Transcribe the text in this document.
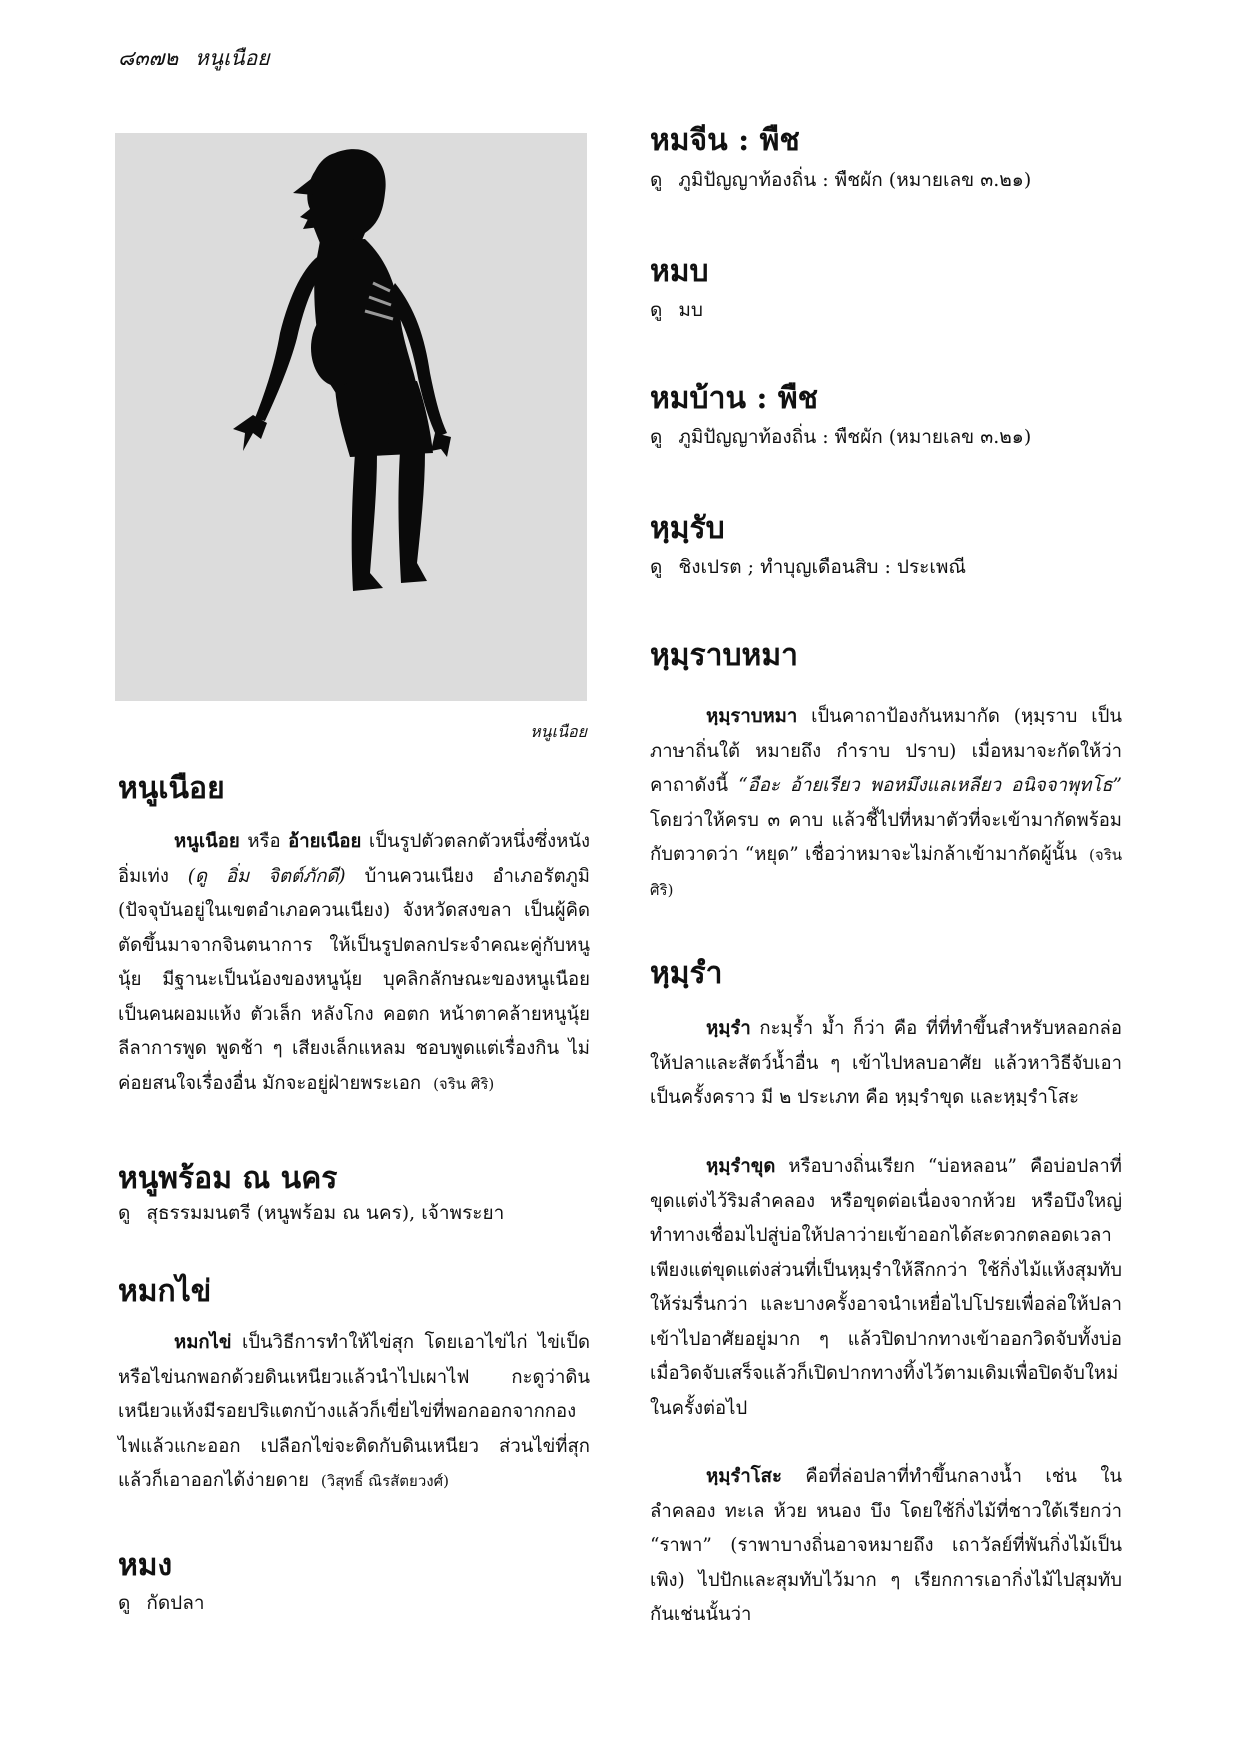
๘๓๗๒ หนูเนือย
หนูเนือย
หนูเนือย

หนูเนือย หรือ อ้ายเนือย เป็นรูปตัวตลกตัวหนึ่งซึ่งหนังอิ่มเท่ง (ดู อิ่ม จิตต์ภักดี) บ้านควนเนียง อำเภอรัตภูมิ (ปัจจุบันอยู่ในเขตอำเภอควนเนียง) จังหวัดสงขลา เป็นผู้คิดตัดขึ้นมาจากจินตนาการ ให้เป็นรูปตลกประจำคณะคู่กับหนูนุ้ย มีฐานะเป็นน้องของหนูนุ้ย บุคลิกลักษณะของหนูเนือยเป็นคนผอมแห้ง ตัวเล็ก หลังโกง คอตก หน้าตาคล้ายหนูนุ้ย ลีลาการพูด พูดช้า ๆ เสียงเล็กแหลม ชอบพูดแต่เรื่องกิน ไม่ค่อยสนใจเรื่องอื่น มักจะอยู่ฝ่ายพระเอก (จริน ศิริ)

หนูพร้อม ณ นคร
ดู สุธรรมมนตรี (หนูพร้อม ณ นคร), เจ้าพระยา
หมกไข่

หมกไข่ เป็นวิธีการทำให้ไข่สุก โดยเอาไข่ไก่ ไข่เป็ด หรือไข่นกพอกด้วยดินเหนียวแล้วนำไปเผาไฟ กะดูว่าดินเหนียวแห้งมีรอยปริแตกบ้างแล้วก็เขี่ยไข่ที่พอกออกจากกองไฟแล้วแกะออก เปลือกไข่จะติดกับดินเหนียว ส่วนไข่ที่สุกแล้วก็เอาออกได้ง่ายดาย (วิสุทธิ์ ณิรสัตยวงศ์)

หมง
ดู กัดปลา
หมจีน : พืช
ดู ภูมิปัญญาท้องถิ่น : พืชผัก (หมายเลข ๓.๒๑)
หมบ
ดู มบ
หมบ้าน : พืช
ดู ภูมิปัญญาท้องถิ่น : พืชผัก (หมายเลข ๓.๒๑)
หฺมฺรับ
ดู ชิงเปรต ; ทำบุญเดือนสิบ : ประเพณี
หฺมฺราบหมา

หฺมฺราบหมา เป็นคาถาป้องกันหมากัด (หฺมฺราบ เป็นภาษาถิ่นใต้ หมายถึง กำราบ ปราบ) เมื่อหมาจะกัดให้ว่าคาถาดังนี้ “อือะ อ้ายเรียว พอหมึงแลเหลียว อนิจจาพุทโธ” โดยว่าให้ครบ ๓ คาบ แล้วชี้ไปที่หมาตัวที่จะเข้ามากัดพร้อมกับตวาดว่า “หยุด” เชื่อว่าหมาจะไม่กล้าเข้ามากัดผู้นั้น (จริน ศิริ)

หฺมฺรำ

หฺมฺรำ กะมฺร้ำ ม้ำ ก็ว่า คือ ที่ที่ทำขึ้นสำหรับหลอกล่อให้ปลาและสัตว์น้ำอื่น ๆ เข้าไปหลบอาศัย แล้วหาวิธีจับเอาเป็นครั้งคราว มี ๒ ประเภท คือ หฺมฺรำขุด และหฺมฺรำโสะ

หฺมฺรำขุด หรือบางถิ่นเรียก “บ่อหลอน” คือบ่อปลาที่ขุดแต่งไว้ริมลำคลอง หรือขุดต่อเนื่องจากห้วย หรือบึงใหญ่ ทำทางเชื่อมไปสู่บ่อให้ปลาว่ายเข้าออกได้สะดวกตลอดเวลา เพียงแต่ขุดแต่งส่วนที่เป็นหฺมฺรำให้ลึกกว่า ใช้กิ่งไม้แห้งสุมทับให้ร่มรื่นกว่า และบางครั้งอาจนำเหยื่อไปโปรยเพื่อล่อให้ปลาเข้าไปอาศัยอยู่มาก ๆ แล้วปิดปากทางเข้าออกวิดจับทั้งบ่อ เมื่อวิดจับเสร็จแล้วก็เปิดปากทางทิ้งไว้ตามเดิมเพื่อปิดจับใหม่ในครั้งต่อไป

หฺมฺรำโสะ คือที่ล่อปลาที่ทำขึ้นกลางน้ำ เช่น ในลำคลอง ทะเล ห้วย หนอง บึง โดยใช้กิ่งไม้ที่ชาวใต้เรียกว่า “ราพา” (ราพาบางถิ่นอาจหมายถึง เถาวัลย์ที่พันกิ่งไม้เป็นเพิง) ไปปักและสุมทับไว้มาก ๆ เรียกการเอากิ่งไม้ไปสุมทับกันเช่นนั้นว่า
